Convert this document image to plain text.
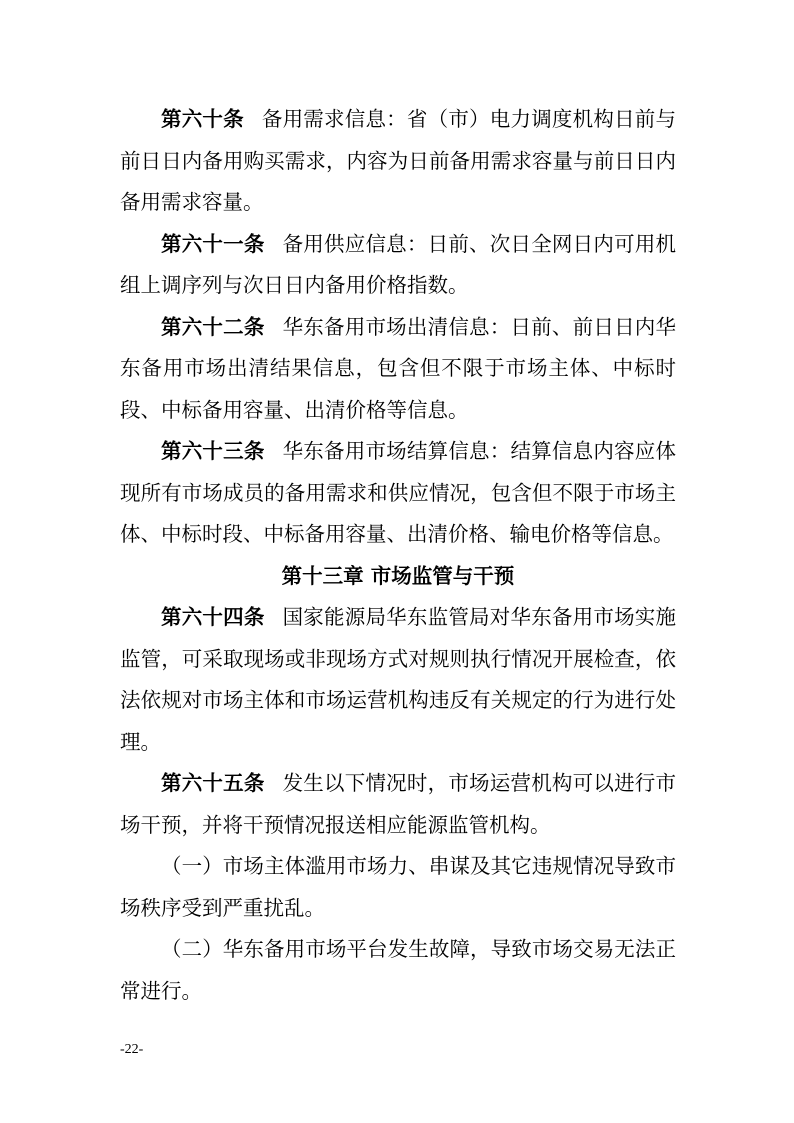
第六十条 备用需求信息：省（市）电力调度机构日前与前日日内备用购买需求，内容为日前备用需求容量与前日日内备用需求容量。

第六十一条 备用供应信息：日前、次日全网日内可用机组上调序列与次日日内备用价格指数。

第六十二条 华东备用市场出清信息：日前、前日日内华东备用市场出清结果信息，包含但不限于市场主体、中标时段、中标备用容量、出清价格等信息。

第六十三条 华东备用市场结算信息：结算信息内容应体现所有市场成员的备用需求和供应情况，包含但不限于市场主体、中标时段、中标备用容量、出清价格、输电价格等信息。

第十三章 市场监管与干预

第六十四条 国家能源局华东监管局对华东备用市场实施监管，可采取现场或非现场方式对规则执行情况开展检查，依法依规对市场主体和市场运营机构违反有关规定的行为进行处理。

第六十五条 发生以下情况时，市场运营机构可以进行市场干预，并将干预情况报送相应能源监管机构。

（一）市场主体滥用市场力、串谋及其它违规情况导致市场秩序受到严重扰乱。

（二）华东备用市场平台发生故障，导致市场交易无法正常进行。

-22-
